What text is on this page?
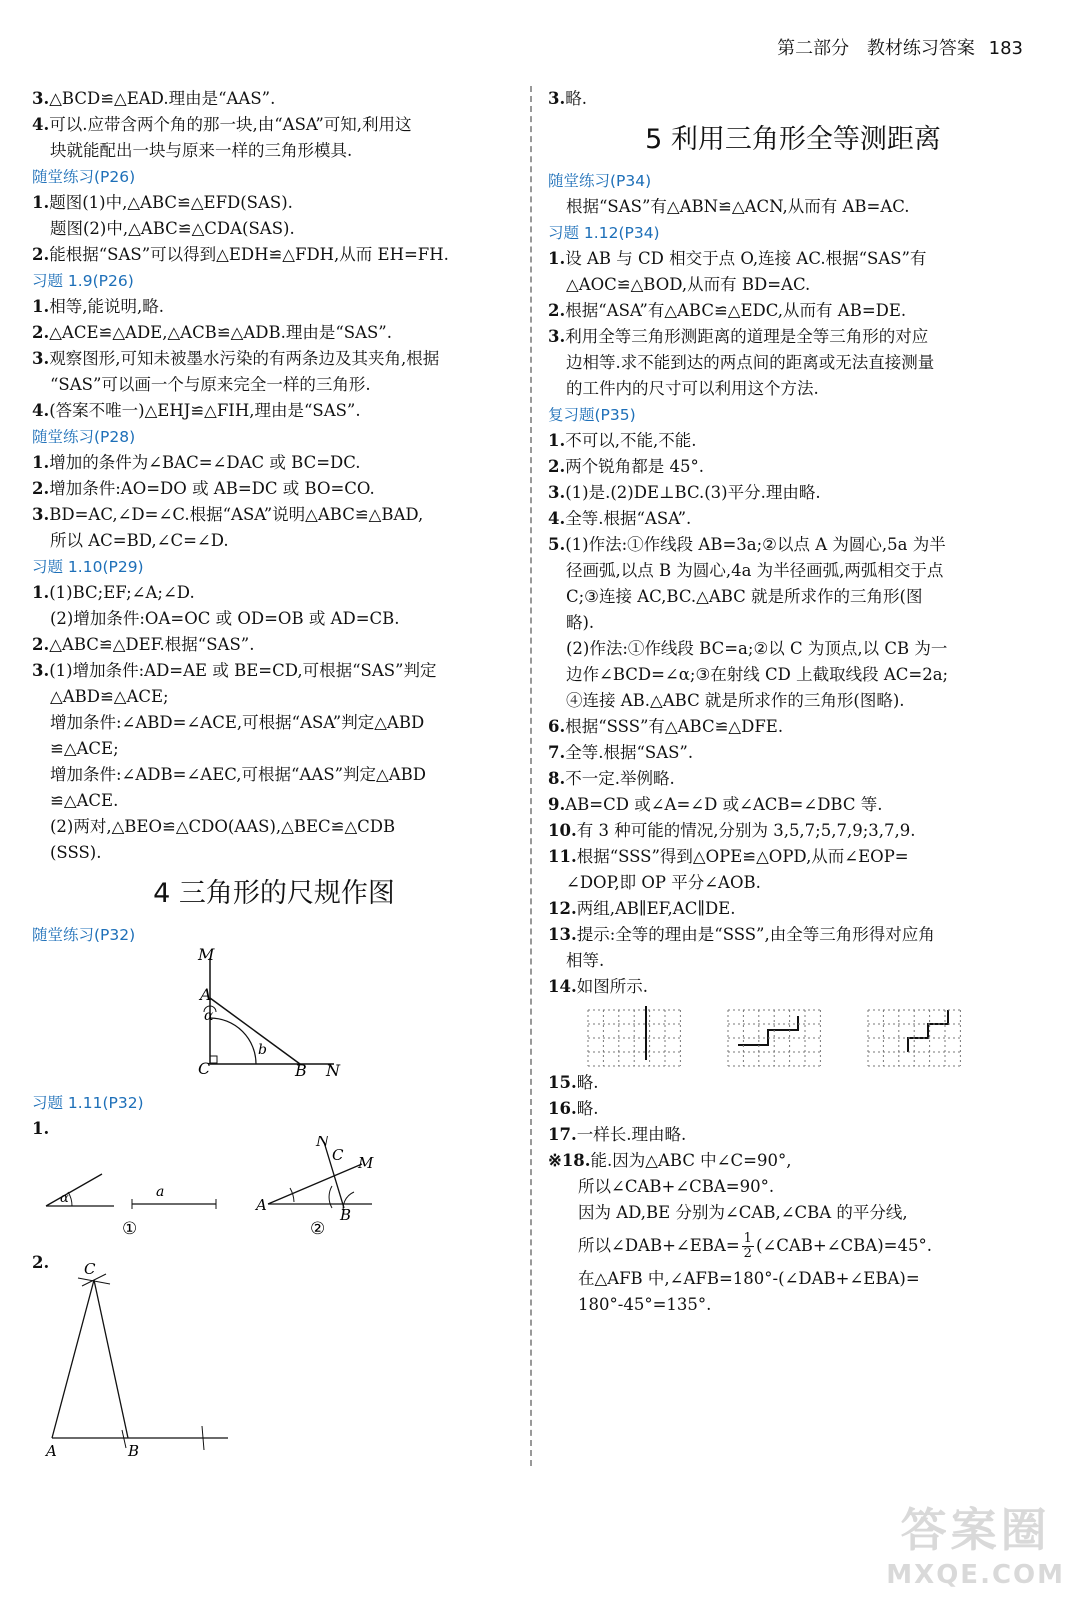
第二部分 教材练习答案 183
3.△BCD≌△EAD.理由是“AAS”.
4.可以.应带含两个角的那一块,由“ASA”可知,利用这
块就能配出一块与原来一样的三角形模具.
随堂练习(P26)
1.题图(1)中,△ABC≌△EFD(SAS).
题图(2)中,△ABC≌△CDA(SAS).
2.能根据“SAS”可以得到△EDH≌△FDH,从而 EH=FH.
习题 1.9(P26)
1.相等,能说明,略.
2.△ACE≌△ADE,△ACB≌△ADB.理由是“SAS”.
3.观察图形,可知未被墨水污染的有两条边及其夹角,根据
“SAS”可以画一个与原来完全一样的三角形.
4.(答案不唯一)△EHJ≌△FIH,理由是“SAS”.
随堂练习(P28)
1.增加的条件为∠BAC=∠DAC 或 BC=DC.
2.增加条件:AO=DO 或 AB=DC 或 BO=CO.
3.BD=AC,∠D=∠C.根据“ASA”说明△ABC≌△BAD,
所以 AC=BD,∠C=∠D.
习题 1.10(P29)
1.(1)BC;EF;∠A;∠D.
(2)增加条件:OA=OC 或 OD=OB 或 AD=CB.
2.△ABC≌△DEF.根据“SAS”.
3.(1)增加条件:AD=AE 或 BE=CD,可根据“SAS”判定
△ABD≌△ACE;
增加条件:∠ABD=∠ACE,可根据“ASA”判定△ABD
≌△ACE;
增加条件:∠ADB=∠AEC,可根据“AAS”判定△ABD
≌△ACE.
(2)两对,△BEO≌△CDO(AAS),△BEC≌△CDB
(SSS).
4 三角形的尺规作图
随堂练习(P32)
M
A
α
b
C	B N
习题 1.11(P32)
1.
α	a
①
A
N
C M
B
②
2.	C
A	B
3.略.
5 利用三角形全等测距离
随堂练习(P34)
根据“SAS”有△ABN≌△ACN,从而有 AB=AC.
习题 1.12(P34)
1.设 AB 与 CD 相交于点 O,连接 AC.根据“SAS”有
△AOC≌△BOD,从而有 BD=AC.
2.根据“ASA”有△ABC≌△EDC,从而有 AB=DE.
3.利用全等三角形测距离的道理是全等三角形的对应
边相等.求不能到达的两点间的距离或无法直接测量
的工件内的尺寸可以利用这个方法.
复习题(P35)
1.不可以,不能,不能.
2.两个锐角都是 45°.
3.(1)是.(2)DE⊥BC.(3)平分.理由略.
4.全等.根据“ASA”.
5.(1)作法:①作线段 AB=3a;②以点 A 为圆心,5a 为半
径画弧,以点 B 为圆心,4a 为半径画弧,两弧相交于点
C;③连接 AC,BC.△ABC 就是所求作的三角形(图
略).
(2)作法:①作线段 BC=a;②以 C 为顶点,以 CB 为一
边作∠BCD=∠α;③在射线 CD 上截取线段 AC=2a;
④连接 AB.△ABC 就是所求作的三角形(图略).
6.根据“SSS”有△ABC≌△DFE.
7.全等.根据“SAS”.
8.不一定.举例略.
9.AB=CD 或∠A=∠D 或∠ACB=∠DBC 等.
10.有 3 种可能的情况,分别为 3,5,7;5,7,9;3,7,9.
11.根据“SSS”得到△OPE≌△OPD,从而∠EOP=
∠DOP,即 OP 平分∠AOB.
12.两组,AB∥EF,AC∥DE.
13.提示:全等的理由是“SSS”,由全等三角形得对应角
相等.
14.如图所示.
15.略.
16.略.
17.一样长.理由略.
※18.能.因为△ABC 中∠C=90°,
所以∠CAB+∠CBA=90°.
因为 AD,BE 分别为∠CAB,∠CBA 的平分线,
所以∠DAB+∠EBA= $\frac{1}{2}$ (∠CAB+∠CBA)=45°.
在△AFB 中,∠AFB=180°-(∠DAB+∠EBA)=
180°-45°=135°.
答案圈
MXQE.COM
